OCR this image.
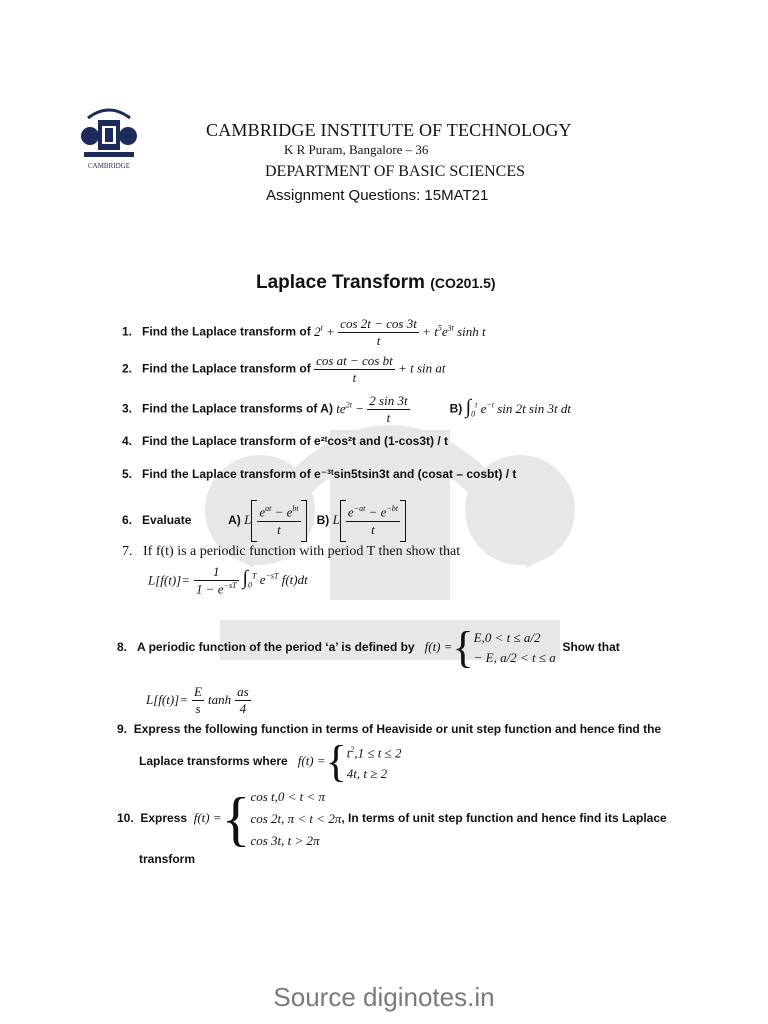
CAMBRIDGE
CAMBRIDGE INSTITUTE OF TECHNOLOGY
K R Puram, Bangalore – 36
DEPARTMENT OF BASIC SCIENCES
Assignment Questions: 15MAT21
Laplace Transform (CO201.5)
1. Find the Laplace transform of $2^t + \frac{\cos 2t - \cos 3t}{t} + t^5e^{3t}$ sinh t
2. Find the Laplace transform of $\frac{\text{cos at − cos bt}}{t} + t$ sin at
3. Find the Laplace transforms of A) $te^{2t} - \frac{2 \sin 3t}{t}$	B) $\int_0^t$ $e^{-t}$ sin 2t sin 3t dt
4. Find the Laplace transform of e²ᵗcos²t and (1-cos3t) / t
5. Find the Laplace transform of e⁻³ᵗsin5tsin3t and (cosat – cosbt) / t
6. Evaluate	A) L $\frac{e^{at} - e^{bt}}{t} B$) L $\frac{e^{-at} - e^{-bt}}{t}$
7. If f(t) is a periodic function with period T then show that
$L[f(t)]= \frac{1}{1 - e^{-sT}} \int_0^T$ $e^{-sT}$ f(t)dt
8. A periodic function of the period ‘a’ is defined by f(t) ={E,0 < t ≤ a/2
− E, a/2 < t ≤ a  Show that
$L[f(t)]= \frac{E}{s}$ $\tanh \frac{as}{4}$
9. Express the following function in terms of Heaviside or unit step function and hence find the
Laplace transforms where $f(t) =\{t^2,1 \le t \le 2$
4t, t ≥ 2
10. Express f(t) ={cos t,0 < t < π
cos 2t, π < t < 2π
cos 3t, t > 2π, In terms of unit step function and hence find its Laplace
transform
Source diginotes.in
